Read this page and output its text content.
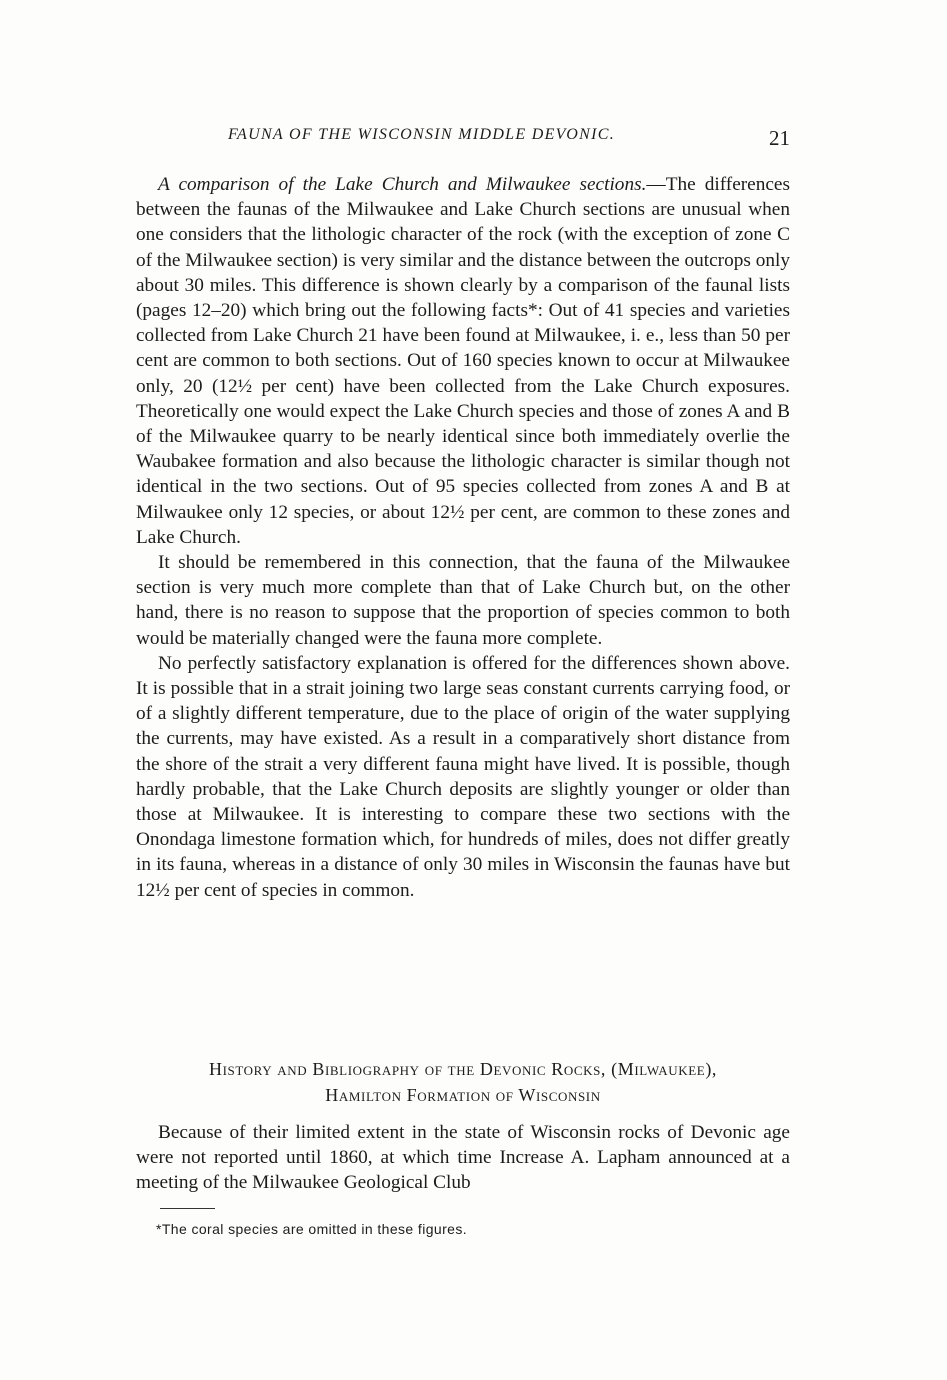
FAUNA OF THE WISCONSIN MIDDLE DEVONIC.	21

A comparison of the Lake Church and Milwaukee sections.—The differences between the faunas of the Milwaukee and Lake Church sections are unusual when one considers that the lithologic character of the rock (with the exception of zone C of the Milwaukee section) is very similar and the distance between the outcrops only about 30 miles. This difference is shown clearly by a comparison of the faunal lists (pages 12–20) which bring out the following facts*: Out of 41 species and varieties collected from Lake Church 21 have been found at Milwaukee, i. e., less than 50 per cent are common to both sections. Out of 160 species known to occur at Milwaukee only, 20 (12½ per cent) have been collected from the Lake Church exposures. Theoretically one would expect the Lake Church species and those of zones A and B of the Milwaukee quarry to be nearly identical since both immediately overlie the Waubakee formation and also because the lithologic character is similar though not identical in the two sections. Out of 95 species collected from zones A and B at Milwaukee only 12 species, or about 12½ per cent, are common to these zones and Lake Church.

It should be remembered in this connection, that the fauna of the Milwaukee section is very much more complete than that of Lake Church but, on the other hand, there is no reason to suppose that the proportion of species common to both would be materially changed were the fauna more complete.

No perfectly satisfactory explanation is offered for the differences shown above. It is possible that in a strait joining two large seas constant currents carrying food, or of a slightly different temperature, due to the place of origin of the water supplying the currents, may have existed. As a result in a comparatively short distance from the shore of the strait a very different fauna might have lived. It is possible, though hardly probable, that the Lake Church deposits are slightly younger or older than those at Milwaukee. It is interesting to compare these two sections with the Onondaga limestone formation which, for hundreds of miles, does not differ greatly in its fauna, whereas in a distance of only 30 miles in Wisconsin the faunas have but 12½ per cent of species in common.

History and Bibliography of the Devonic Rocks, (Milwaukee),
Hamilton Formation of Wisconsin

Because of their limited extent in the state of Wisconsin rocks of Devonic age were not reported until 1860, at which time Increase A. Lapham announced at a meeting of the Milwaukee Geological Club

*The coral species are omitted in these figures.
